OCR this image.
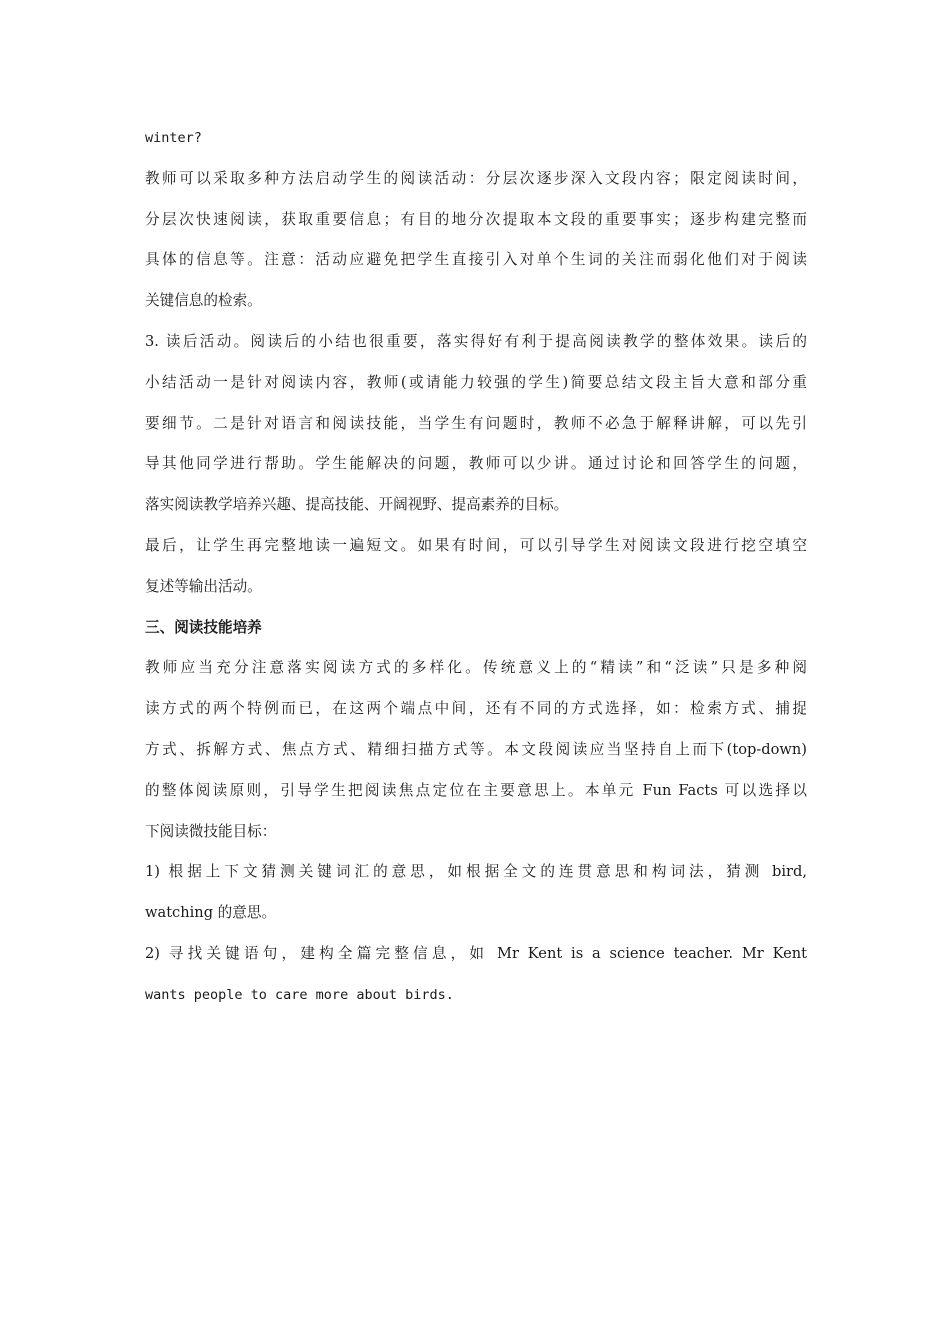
winter?
教师可以采取多种方法启动学生的阅读活动：分层次逐步深入文段内容；限定阅读时间，
分层次快速阅读，获取重要信息；有目的地分次提取本文段的重要事实；逐步构建完整而
具体的信息等。注意：活动应避免把学生直接引入对单个生词的关注而弱化他们对于阅读
关键信息的检索。
3. 读后活动。阅读后的小结也很重要，落实得好有利于提高阅读教学的整体效果。读后的
小结活动一是针对阅读内容，教师(或请能力较强的学生)简要总结文段主旨大意和部分重
要细节。二是针对语言和阅读技能，当学生有问题时，教师不必急于解释讲解，可以先引
导其他同学进行帮助。学生能解决的问题，教师可以少讲。通过讨论和回答学生的问题，
落实阅读教学培养兴趣、提高技能、开阔视野、提高素养的目标。
最后，让学生再完整地读一遍短文。如果有时间，可以引导学生对阅读文段进行挖空填空
复述等输出活动。
三、阅读技能培养
教师应当充分注意落实阅读方式的多样化。传统意义上的“精读”和“泛读”只是多种阅
读方式的两个特例而已，在这两个端点中间，还有不同的方式选择，如：检索方式、捕捉
方式、拆解方式、焦点方式、精细扫描方式等。本文段阅读应当坚持自上而下(top-down)
的整体阅读原则，引导学生把阅读焦点定位在主要意思上。本单元 Fun Facts 可以选择以
下阅读微技能目标：
1) 根据上下文猜测关键词汇的意思，如根据全文的连贯意思和构词法，猜测 bird,
watching 的意思。
2) 寻找关键语句，建构全篇完整信息，如 Mr Kent is a science teacher. Mr Kent
wants people to care more about birds.
